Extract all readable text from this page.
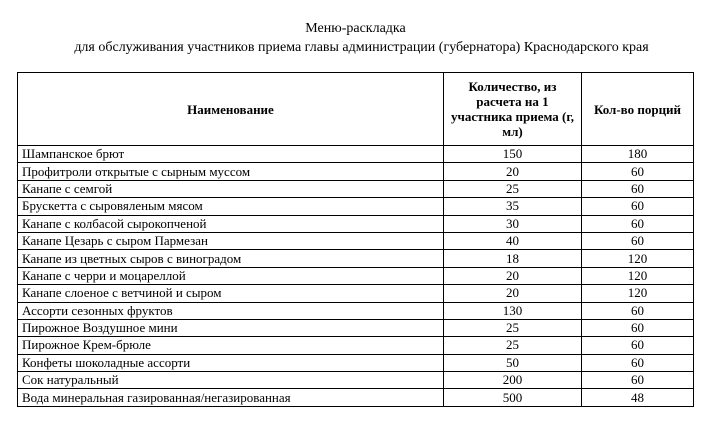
Меню-раскладка
для обслуживания участников приема главы администрации (губернатора) Краснодарского края
Наименование	Количество, из расчета на 1 участника приема (г, мл)	Кол-во порций
Шампанское брют	150	180
Профитроли открытые с сырным муссом	20	60
Канапе с семгой	25	60
Брускетта с сыровяленым мясом	35	60
Канапе с колбасой сырокопченой	30	60
Канапе Цезарь с сыром Пармезан	40	60
Канапе из цветных сыров с виноградом	18	120
Канапе с черри и моцареллой	20	120
Канапе слоеное с ветчиной и сыром	20	120
Ассорти сезонных фруктов	130	60
Пирожное Воздушное мини	25	60
Пирожное Крем-брюле	25	60
Конфеты шоколадные ассорти	50	60
Сок натуральный	200	60
Вода минеральная газированная/негазированная	500	48
